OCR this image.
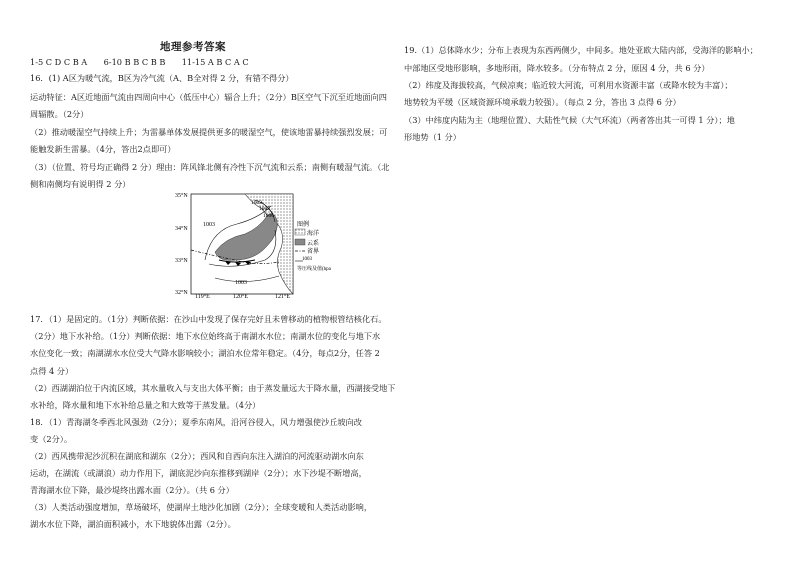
地理参考答案
1-5 C D C B A　　6-10 B B C B B　　11-15 A B C A C
16．(1) A区为暖气流，B区为冷气流（A、B全对得 2 分，有错不得分）
运动特征：A区近地面气流由四周向中心（低压中心）辐合上升；（2分）B区空气下沉至近地面向四
周辐散。（2分）
（2）推动暖湿空气持续上升；为雷暴单体发展提供更多的暖湿空气，使该地雷暴持续强烈发展；可
能触发新生雷暴。（4分，答出2点即可）
（3）（位置、符号均正确得 2 分）理由：阵风锋北侧有冷性下沉气流和云系；南侧有暖湿气流。（北
侧和南侧均有说明得 2 分）
17．（1）是固定的。（1分）判断依据：在沙山中发现了保存完好且未曾移动的植物根管结核化石。
（2分）地下水补给。（1分）判断依据：地下水位始终高于南湖水水位；南湖水位的变化与地下水
水位变化一致；南湖湖水水位受大气降水影响较小；湖泊水位常年稳定。（4分，每点2分，任答 2
点得 4 分）
（2）西湖湖泊位于内流区域，其水量收入与支出大体平衡；由于蒸发量远大于降水量，西湖接受地下
水补给，降水量和地下水补给总量之和大致等于蒸发量。（4分）
18．（1）青海湖冬季西北风强劲（2分）；夏季东南风，沿河谷侵入，风力增强使沙丘坡向改
变（2分）。
（2）西风携带泥沙沉积在湖底和湖东（2分）；西风和自西向东注入湖泊的河流驱动湖水向东
运动，在湖流（或湖浪）动力作用下，湖底泥沙向东推移到湖岸（2分）；水下沙堤不断增高，
青海湖水位下降，最沙堤终出露水面（2分）。（共 6 分）
（3）人类活动强度增加，草场破坏，使湖岸土地沙化加剧（2分）；全球变暖和人类活动影响，
湖水水位下降，湖泊面积减小，水下地貌体出露（2分）。
19.（1）总体降水少；分布上表现为东西两侧少，中间多。地处亚欧大陆内部，受海洋的影响小；
中部地区受地形影响，多地形雨，降水较多。（分布特点 2 分，原因 4 分，共 6 分）
（2）纬度及海拔较高，气候凉爽；临近较大河流，可利用水资源丰富（或降水较为丰富）；
地势较为平缓（区域资源环境承载力较强）。（每点 2 分，答出 3 点得 6 分）
（3）中纬度内陆为主（地理位置）、大陆性气候（大气环流）（两者答出其一可得 1 分）；地
形地势（1 分）
1003
1003
1005
1006
1003
35°N
34°N
33°N
32°N
119°E	120°E	121°E
图例
海洋
云系
省界
1003
等压线及值(hpa)
